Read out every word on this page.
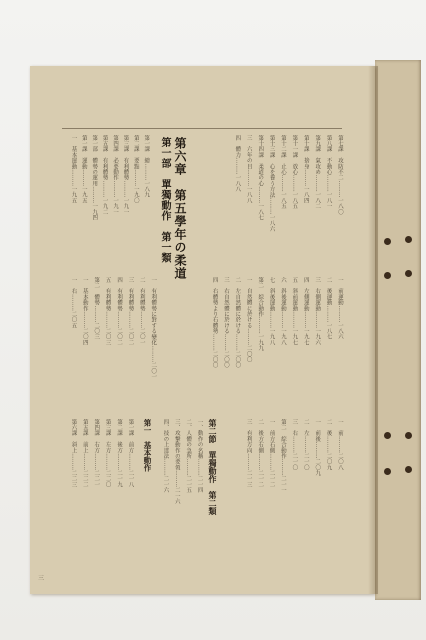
第七課　攻防不二………一八〇
第八課　不動心………一八一
第九課　氣攻め………一八二
第十課　捨身………一八四
第十一課　放心………一八五
第十二課　止心………一八五
第十三課　心を養う方法………一八六
第十四課　柔道の心………一八七
三　六年の目………一八八
四　體力………一八八
第六章　第五學年の柔道
第一部　單獨動作　第一類
第一課　總………一八九
第二課　要點………一九〇
第三課　有利體勢………一九一
第四課　必要動作………一九一
第五課　有利體勢………一九二
第一部　體勢の運用………一九四
第一課　運動………一九五
一　基本運動………一九五
一　前運動………一八六
二　後運動………一八七
三　右側運動………一九六
四　左側運動………一九七
五　斜前運動………一九七
六　斜後運動………一九八
七　斜後運動………一九八
第二　綜合動作………一九九
一　自然體に於ける………二〇〇
二　左自然體に於ける………二〇〇
三　右自然體に於ける………二〇〇
四　右體勢より右體勢………二〇〇
一　有利體勢に對する變化………二〇一
二　有利體勢………二〇一
三　有利體勢………二〇二
四　有利體勢………二〇二
五　有利體勢………二〇三
第二　體勢………二〇三
一　基本動作………二〇四
一　右………二〇五
一　前………二〇八
二　後………二〇九
一　前後………二〇九
二　左………二一〇
三　右………二一〇
第二　綜合動作………二一一
一　前方右側………二一二
二　後方右側………二一二
三　有利方向………二一三
第二節　單獨動作　第二類
一、動作の名稱………二一四
二、人體の急所………二一五
三、攻撃動作の要領………二一六
四、技の上達法………二一六
第一　基本動作
第一課　前方………二一八
第二課　後方………二一九
第三課　左方………二二〇
第四課　右方………二二一
第五課　前上………二二二
第六課　斜上………二二三
三
